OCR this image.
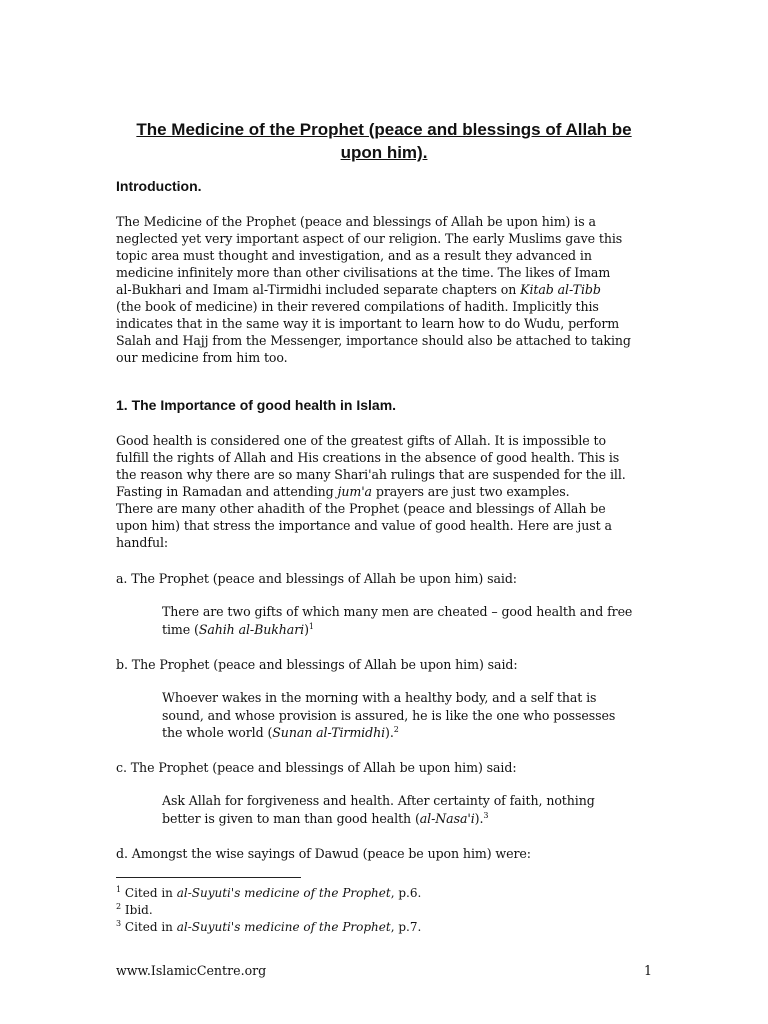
The Medicine of the Prophet (peace and blessings of Allah be
upon him).
Introduction.
The Medicine of the Prophet (peace and blessings of Allah be upon him) is a
neglected yet very important aspect of our religion. The early Muslims gave this
topic area must thought and investigation, and as a result they advanced in
medicine infinitely more than other civilisations at the time. The likes of Imam
al-Bukhari and Imam al-Tirmidhi included separate chapters on Kitab al-Tibb
(the book of medicine) in their revered compilations of hadith. Implicitly this
indicates that in the same way it is important to learn how to do Wudu, perform
Salah and Hajj from the Messenger, importance should also be attached to taking
our medicine from him too.
1. The Importance of good health in Islam.
Good health is considered one of the greatest gifts of Allah. It is impossible to
fulfill the rights of Allah and His creations in the absence of good health. This is
the reason why there are so many Shari'ah rulings that are suspended for the ill.
Fasting in Ramadan and attending jum'a prayers are just two examples.
There are many other ahadith of the Prophet (peace and blessings of Allah be
upon him) that stress the importance and value of good health. Here are just a
handful:
a. The Prophet (peace and blessings of Allah be upon him) said:
There are two gifts of which many men are cheated – good health and free
time (Sahih al-Bukhari)$^1$
b. The Prophet (peace and blessings of Allah be upon him) said:
Whoever wakes in the morning with a healthy body, and a self that is
sound, and whose provision is assured, he is like the one who possesses
the whole world (Sunan al-Tirmidhi).$^2$
c. The Prophet (peace and blessings of Allah be upon him) said:
Ask Allah for forgiveness and health. After certainty of faith, nothing
better is given to man than good health (al-Nasa'i).$^3$
d. Amongst the wise sayings of Dawud (peace be upon him) were:
$^1$ Cited in al-Suyuti's medicine of the Prophet, p.6.
$^2$ Ibid.
$^3$ Cited in al-Suyuti's medicine of the Prophet, p.7.
www.IslamicCentre.org	1
